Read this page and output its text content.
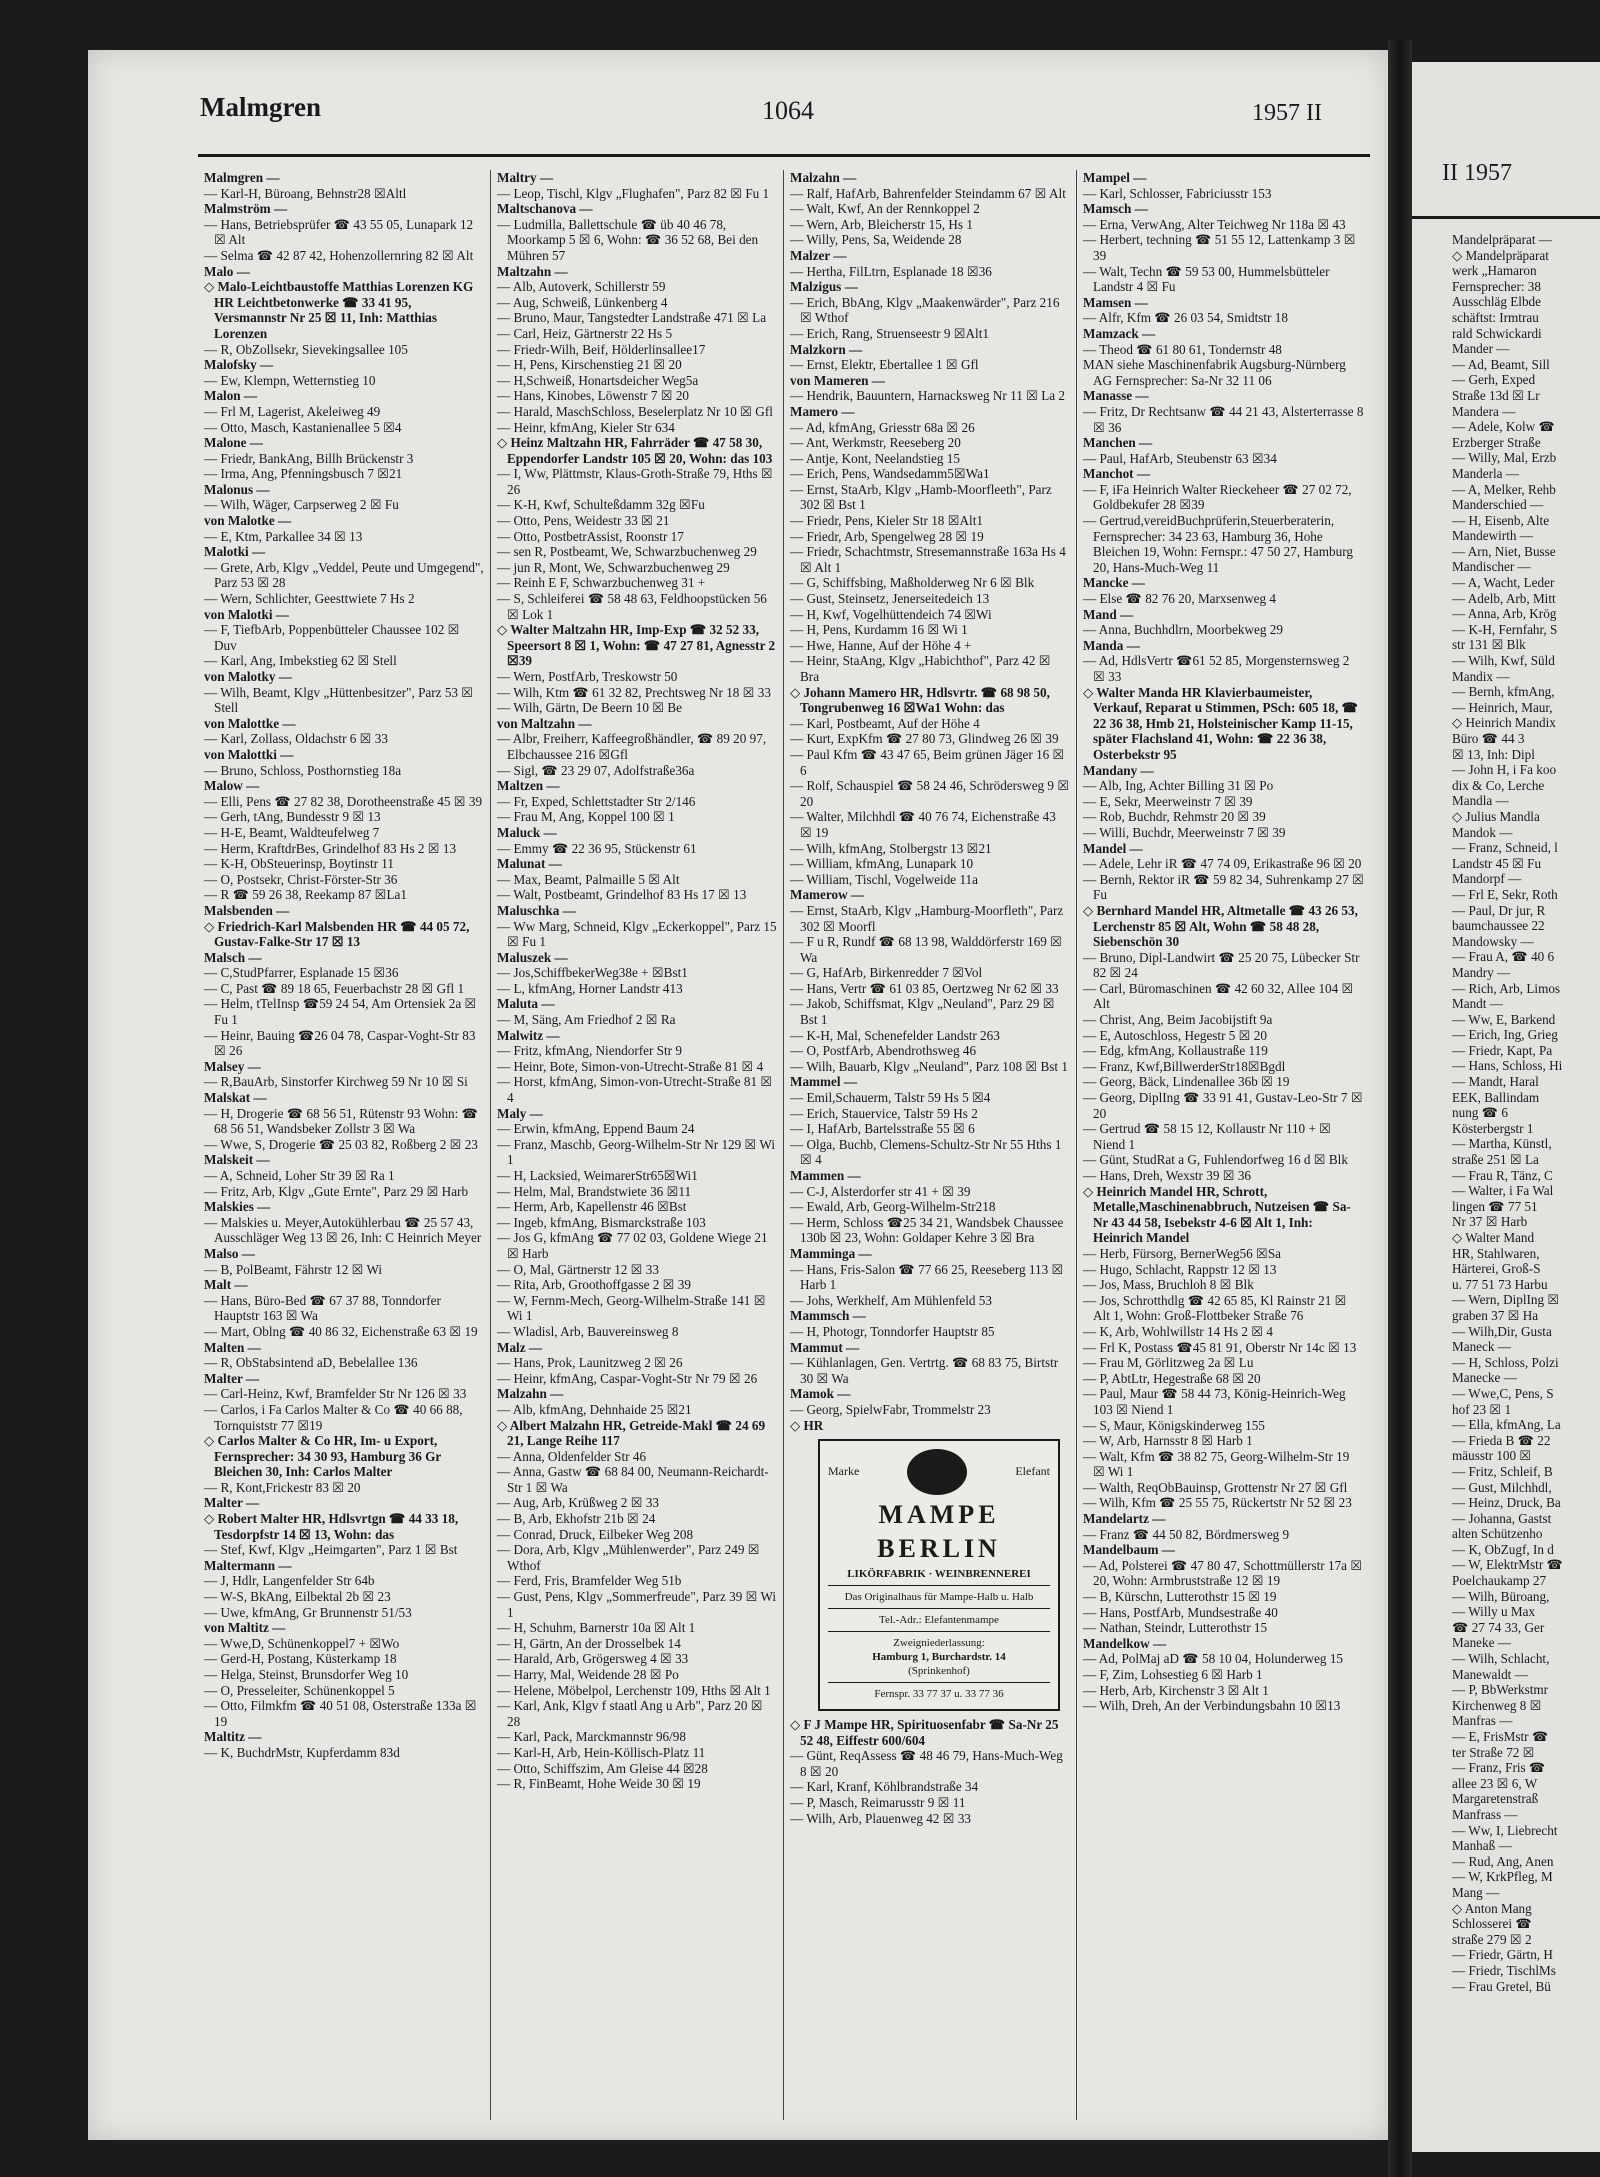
Malmgren	1064	1957 II
Malmgren —
— Karl-H, Büroang, Behnstr28 ☒Altl
Malmström —
— Hans, Betriebsprüfer ☎ 43 55 05, Lunapark 12 ☒ Alt
— Selma ☎ 42 87 42, Hohenzollernring 82 ☒ Alt
Malo —
◇ Malo-Leichtbaustoffe Matthias Lorenzen KG HR Leichtbetonwerke ☎ 33 41 95, Versmannstr Nr 25 ☒ 11, Inh: Matthias Lorenzen
— R, ObZollsekr, Sievekingsallee 105
Malofsky —
— Ew, Klempn, Wetternstieg 10
Malon —
— Frl M, Lagerist, Akeleiweg 49
— Otto, Masch, Kastanienallee 5 ☒4
Malone —
— Friedr, BankAng, Billh Brückenstr 3
— Irma, Ang, Pfenningsbusch 7 ☒21
Malonus —
— Wilh, Wäger, Carpserweg 2 ☒ Fu
von Malotke —
— E, Ktm, Parkallee 34 ☒ 13
Malotki —
— Grete, Arb, Klgv „Veddel, Peute und Umgegend", Parz 53 ☒ 28
— Wern, Schlichter, Geesttwiete 7 Hs 2
von Malotki —
— F, TiefbArb, Poppenbütteler Chaussee 102 ☒ Duv
— Karl, Ang, Imbekstieg 62 ☒ Stell
von Malotky —
— Wilh, Beamt, Klgv „Hüttenbesitzer", Parz 53 ☒ Stell
von Malottke —
— Karl, Zollass, Oldachstr 6 ☒ 33
von Malottki —
— Bruno, Schloss, Posthornstieg 18a
Malow —
— Elli, Pens ☎ 27 82 38, Dorotheenstraße 45 ☒ 39
— Gerh, tAng, Bundesstr 9 ☒ 13
— H-E, Beamt, Waldteufelweg 7
— Herm, KraftdrBes, Grindelhof 83 Hs 2 ☒ 13
— K-H, ObSteuerinsp, Boytinstr 11
— O, Postsekr, Christ-Förster-Str 36
— R ☎ 59 26 38, Reekamp 87 ☒La1
Malsbenden —
◇ Friedrich-Karl Malsbenden HR ☎ 44 05 72, Gustav-Falke-Str 17 ☒ 13
Malsch —
— C,StudPfarrer, Esplanade 15 ☒36
— C, Past ☎ 89 18 65, Feuerbachstr 28 ☒ Gfl 1
— Helm, tTelInsp ☎59 24 54, Am Ortensiek 2a ☒ Fu 1
— Heinr, Bauing ☎26 04 78, Caspar-Voght-Str 83 ☒ 26
Malsey —
— R,BauArb, Sinstorfer Kirchweg 59 Nr 10 ☒ Si
Malskat —
— H, Drogerie ☎ 68 56 51, Rütenstr 93 Wohn: ☎ 68 56 51, Wandsbeker Zollstr 3 ☒ Wa
— Wwe, S, Drogerie ☎ 25 03 82, Roßberg 2 ☒ 23
Malskeit —
— A, Schneid, Loher Str 39 ☒ Ra 1
— Fritz, Arb, Klgv „Gute Ernte", Parz 29 ☒ Harb
Malskies —
— Malskies u. Meyer,Autokühlerbau ☎ 25 57 43, Ausschläger Weg 13 ☒ 26, Inh: C Heinrich Meyer
Malso —
— B, PolBeamt, Fährstr 12 ☒ Wi
Malt —
— Hans, Büro-Bed ☎ 67 37 88, Tonndorfer Hauptstr 163 ☒ Wa
— Mart, Oblng ☎ 40 86 32, Eichenstraße 63 ☒ 19
Malten —
— R, ObStabsintend aD, Bebelallee 136
Malter —
— Carl-Heinz, Kwf, Bramfelder Str Nr 126 ☒ 33
— Carlos, i Fa Carlos Malter & Co ☎ 40 66 88, Tornquiststr 77 ☒19
◇ Carlos Malter & Co HR, Im- u Export, Fernsprecher: 34 30 93, Hamburg 36 Gr Bleichen 30, Inh: Carlos Malter
— R, Kont,Frickestr 83 ☒ 20
Malter —
◇ Robert Malter HR, Hdlsvrtgn ☎ 44 33 18, Tesdorpfstr 14 ☒ 13, Wohn: das
— Stef, Kwf, Klgv „Heimgarten", Parz 1 ☒ Bst
Maltermann —
— J, Hdlr, Langenfelder Str 64b
— W-S, BkAng, Eilbektal 2b ☒ 23
— Uwe, kfmAng, Gr Brunnenstr 51/53
von Maltitz —
— Wwe,D, Schünenkoppel7 + ☒Wo
— Gerd-H, Postang, Küsterkamp 18
— Helga, Steinst, Brunsdorfer Weg 10
— O, Presseleiter, Schünenkoppel 5
— Otto, Filmkfm ☎ 40 51 08, Osterstraße 133a ☒ 19
Maltitz —
— K, BuchdrMstr, Kupferdamm 83d
Maltry —
— Leop, Tischl, Klgv „Flughafen", Parz 82 ☒ Fu 1
Maltschanova —
— Ludmilla, Ballettschule ☎ üb 40 46 78, Moorkamp 5 ☒ 6, Wohn: ☎ 36 52 68, Bei den Mühren 57
Maltzahn —
— Alb, Autoverk, Schillerstr 59
— Aug, Schweiß, Lünkenberg 4
— Bruno, Maur, Tangstedter Landstraße 471 ☒ La
— Carl, Heiz, Gärtnerstr 22 Hs 5
— Friedr-Wilh, Beif, Hölderlinsallee17
— H, Pens, Kirschenstieg 21 ☒ 20
— H,Schweiß, Honartsdeicher Weg5a
— Hans, Kinobes, Löwenstr 7 ☒ 20
— Harald, MaschSchloss, Beselerplatz Nr 10 ☒ Gfl
— Heinr, kfmAng, Kieler Str 634
◇ Heinz Maltzahn HR, Fahrräder ☎ 47 58 30, Eppendorfer Landstr 105 ☒ 20, Wohn: das 103
— I, Ww, Plättmstr, Klaus-Groth-Straße 79, Hths ☒ 26
— K-H, Kwf, Schulteßdamm 32g ☒Fu
— Otto, Pens, Weidestr 33 ☒ 21
— Otto, PostbetrAssist, Roonstr 17
— sen R, Postbeamt, We, Schwarzbuchenweg 29
— jun R, Mont, We, Schwarzbuchenweg 29
— Reinh E F, Schwarzbuchenweg 31 +
— S, Schleiferei ☎ 58 48 63, Feldhoopstücken 56 ☒ Lok 1
◇ Walter Maltzahn HR, Imp-Exp ☎ 32 52 33, Speersort 8 ☒ 1, Wohn: ☎ 47 27 81, Agnesstr 2 ☒39
— Wern, PostfArb, Treskowstr 50
— Wilh, Ktm ☎ 61 32 82, Prechtsweg Nr 18 ☒ 33
— Wilh, Gärtn, De Beern 10 ☒ Be
von Maltzahn —
— Albr, Freiherr, Kaffeegroßhändler, ☎ 89 20 97, Elbchaussee 216 ☒Gfl
— Sigl, ☎ 23 29 07, Adolfstraße36a
Maltzen —
— Fr, Exped, Schlettstadter Str 2/146
— Frau M, Ang, Koppel 100 ☒ 1
Maluck —
— Emmy ☎ 22 36 95, Stückenstr 61
Malunat —
— Max, Beamt, Palmaille 5 ☒ Alt
— Walt, Postbeamt, Grindelhof 83 Hs 17 ☒ 13
Maluschka —
— Ww Marg, Schneid, Klgv „Eckerkoppel", Parz 15 ☒ Fu 1
Maluszek —
— Jos,SchiffbekerWeg38e + ☒Bst1
— L, kfmAng, Horner Landstr 413
Maluta —
— M, Säng, Am Friedhof 2 ☒ Ra
Malwitz —
— Fritz, kfmAng, Niendorfer Str 9
— Heinr, Bote, Simon-von-Utrecht-Straße 81 ☒ 4
— Horst, kfmAng, Simon-von-Utrecht-Straße 81 ☒ 4
Maly —
— Erwin, kfmAng, Eppend Baum 24
— Franz, Maschb, Georg-Wilhelm-Str Nr 129 ☒ Wi 1
— H, Lacksied, WeimarerStr65☒Wi1
— Helm, Mal, Brandstwiete 36 ☒11
— Herm, Arb, Kapellenstr 46 ☒Bst
— Ingeb, kfmAng, Bismarckstraße 103
— Jos G, kfmAng ☎ 77 02 03, Goldene Wiege 21 ☒ Harb
— O, Mal, Gärtnerstr 12 ☒ 33
— Rita, Arb, Groothoffgasse 2 ☒ 39
— W, Fernm-Mech, Georg-Wilhelm-Straße 141 ☒ Wi 1
— Wladisl, Arb, Bauvereinsweg 8
Malz —
— Hans, Prok, Launitzweg 2 ☒ 26
— Heinr, kfmAng, Caspar-Voght-Str Nr 79 ☒ 26
Malzahn —
— Alb, kfmAng, Dehnhaide 25 ☒21
◇ Albert Malzahn HR, Getreide-Makl ☎ 24 69 21, Lange Reihe 117
— Anna, Oldenfelder Str 46
— Anna, Gastw ☎ 68 84 00, Neumann-Reichardt-Str 1 ☒ Wa
— Aug, Arb, Krüßweg 2 ☒ 33
— B, Arb, Ekhofstr 21b ☒ 24
— Conrad, Druck, Eilbeker Weg 208
— Dora, Arb, Klgv „Mühlenwerder", Parz 249 ☒ Wthof
— Ferd, Fris, Bramfelder Weg 51b
— Gust, Pens, Klgv „Sommerfreude", Parz 39 ☒ Wi 1
— H, Schuhm, Barnerstr 10a ☒ Alt 1
— H, Gärtn, An der Drosselbek 14
— Harald, Arb, Grögersweg 4 ☒ 33
— Harry, Mal, Weidende 28 ☒ Po
— Helene, Möbelpol, Lerchenstr 109, Hths ☒ Alt 1
— Karl, Ank, Klgv f staatl Ang u Arb", Parz 20 ☒ 28
— Karl, Pack, Marckmannstr 96/98
— Karl-H, Arb, Hein-Köllisch-Platz 11
— Otto, Schiffszim, Am Gleise 44 ☒28
— R, FinBeamt, Hohe Weide 30 ☒ 19
Malzahn —
— Ralf, HafArb, Bahrenfelder Steindamm 67 ☒ Alt
— Walt, Kwf, An der Rennkoppel 2
— Wern, Arb, Bleicherstr 15, Hs 1
— Willy, Pens, Sa, Weidende 28
Malzer —
— Hertha, FilLtrn, Esplanade 18 ☒36
Malzigus —
— Erich, BbAng, Klgv „Maakenwärder", Parz 216 ☒ Wthof
— Erich, Rang, Struenseestr 9 ☒Alt1
Malzkorn —
— Ernst, Elektr, Ebertallee 1 ☒ Gfl
von Mameren —
— Hendrik, Bauuntern, Harnacksweg Nr 11 ☒ La 2
Mamero —
— Ad, kfmAng, Griesstr 68a ☒ 26
— Ant, Werkmstr, Reeseberg 20
— Antje, Kont, Neelandstieg 15
— Erich, Pens, Wandsedamm5☒Wa1
— Ernst, StaArb, Klgv „Hamb-Moorfleeth", Parz 302 ☒ Bst 1
— Friedr, Pens, Kieler Str 18 ☒Alt1
— Friedr, Arb, Spengelweg 28 ☒ 19
— Friedr, Schachtmstr, Stresemannstraße 163a Hs 4 ☒ Alt 1
— G, Schiffsbing, Maßholderweg Nr 6 ☒ Blk
— Gust, Steinsetz, Jenerseitedeich 13
— H, Kwf, Vogelhüttendeich 74 ☒Wi
— H, Pens, Kurdamm 16 ☒ Wi 1
— Hwe, Hanne, Auf der Höhe 4 +
— Heinr, StaAng, Klgv „Habichthof", Parz 42 ☒ Bra
◇ Johann Mamero HR, Hdlsvrtr. ☎ 68 98 50, Tongrubenweg 16 ☒Wa1 Wohn: das
— Karl, Postbeamt, Auf der Höhe 4
— Kurt, ExpKfm ☎ 27 80 73, Glindweg 26 ☒ 39
— Paul Kfm ☎ 43 47 65, Beim grünen Jäger 16 ☒ 6
— Rolf, Schauspiel ☎ 58 24 46, Schrödersweg 9 ☒ 20
— Walter, Milchhdl ☎ 40 76 74, Eichenstraße 43 ☒ 19
— Wilh, kfmAng, Stolbergstr 13 ☒21
— William, kfmAng, Lunapark 10
— William, Tischl, Vogelweide 11a
Mamerow —
— Ernst, StaArb, Klgv „Hamburg-Moorfleth", Parz 302 ☒ Moorfl
— F u R, Rundf ☎ 68 13 98, Walddörferstr 169 ☒ Wa
— G, HafArb, Birkenredder 7 ☒Vol
— Hans, Vertr ☎ 61 03 85, Oertzweg Nr 62 ☒ 33
— Jakob, Schiffsmat, Klgv „Neuland", Parz 29 ☒ Bst 1
— K-H, Mal, Schenefelder Landstr 263
— O, PostfArb, Abendrothsweg 46
— Wilh, Bauarb, Klgv „Neuland", Parz 108 ☒ Bst 1
Mammel —
— Emil,Schauerm, Talstr 59 Hs 5 ☒4
— Erich, Stauervice, Talstr 59 Hs 2
— I, HafArb, Bartelsstraße 55 ☒ 6
— Olga, Buchb, Clemens-Schultz-Str Nr 55 Hths 1 ☒ 4
Mammen —
— C-J, Alsterdorfer str 41 + ☒ 39
— Ewald, Arb, Georg-Wilhelm-Str218
— Herm, Schloss ☎25 34 21, Wandsbek Chaussee 130b ☒ 23, Wohn: Goldaper Kehre 3 ☒ Bra
Mamminga —
— Hans, Fris-Salon ☎ 77 66 25, Reeseberg 113 ☒ Harb 1
— Johs, Werkhelf, Am Mühlenfeld 53
Mammsch —
— H, Photogr, Tonndorfer Hauptstr 85
Mammut —
— Kühlanlagen, Gen. Vertrtg. ☎ 68 83 75, Birtstr 30 ☒ Wa
Mamok —
— Georg, SpielwFabr, Trommelstr 23
◇ HR
Marke	Elefant
MAMPE
BERLIN
LIKÖRFABRIK · WEINBRENNEREI
Das Originalhaus für Mampe-Halb u. Halb
Tel.-Adr.: Elefantenmampe
Zweigniederlassung:
Hamburg 1, Burchardstr. 14
(Sprinkenhof)
Fernspr. 33 77 37 u. 33 77 36
◇ F J Mampe HR, Spirituosenfabr ☎ Sa-Nr 25 52 48, Eiffestr 600/604
— Günt, ReqAssess ☎ 48 46 79, Hans-Much-Weg 8 ☒ 20
— Karl, Kranf, Köhlbrandstraße 34
— P, Masch, Reimarusstr 9 ☒ 11
— Wilh, Arb, Plauenweg 42 ☒ 33
Mampel —
— Karl, Schlosser, Fabriciusstr 153
Mamsch —
— Erna, VerwAng, Alter Teichweg Nr 118a ☒ 43
— Herbert, techning ☎ 51 55 12, Lattenkamp 3 ☒ 39
— Walt, Techn ☎ 59 53 00, Hummelsbütteler Landstr 4 ☒ Fu
Mamsen —
— Alfr, Kfm ☎ 26 03 54, Smidtstr 18
Mamzack —
— Theod ☎ 61 80 61, Tondernstr 48
MAN siehe Maschinenfabrik Augsburg-Nürnberg AG Fernsprecher: Sa-Nr 32 11 06
Manasse —
— Fritz, Dr Rechtsanw ☎ 44 21 43, Alsterterrasse 8 ☒ 36
Manchen —
— Paul, HafArb, Steubenstr 63 ☒34
Manchot —
— F, iFa Heinrich Walter Rieckeheer ☎ 27 02 72, Goldbekufer 28 ☒39
— Gertrud,vereidBuchprüferin,Steuerberaterin, Fernsprecher: 34 23 63, Hamburg 36, Hohe Bleichen 19, Wohn: Fernspr.: 47 50 27, Hamburg 20, Hans-Much-Weg 11
Mancke —
— Else ☎ 82 76 20, Marxsenweg 4
Mand —
— Anna, Buchhdlrn, Moorbekweg 29
Manda —
— Ad, HdlsVertr ☎61 52 85, Morgensternsweg 2 ☒ 33
◇ Walter Manda HR Klavierbaumeister, Verkauf, Reparat u Stimmen, PSch: 605 18, ☎ 22 36 38, Hmb 21, Holsteinischer Kamp 11-15, später Flachsland 41, Wohn: ☎ 22 36 38, Osterbekstr 95
Mandany —
— Alb, Ing, Achter Billing 31 ☒ Po
— E, Sekr, Meerweinstr 7 ☒ 39
— Rob, Buchdr, Rehmstr 20 ☒ 39
— Willi, Buchdr, Meerweinstr 7 ☒ 39
Mandel —
— Adele, Lehr iR ☎ 47 74 09, Erikastraße 96 ☒ 20
— Bernh, Rektor iR ☎ 59 82 34, Suhrenkamp 27 ☒ Fu
◇ Bernhard Mandel HR, Altmetalle ☎ 43 26 53, Lerchenstr 85 ☒ Alt, Wohn ☎ 58 48 28, Siebenschön 30
— Bruno, Dipl-Landwirt ☎ 25 20 75, Lübecker Str 82 ☒ 24
— Carl, Büromaschinen ☎ 42 60 32, Allee 104 ☒ Alt
— Christ, Ang, Beim Jacobijstift 9a
— E, Autoschloss, Hegestr 5 ☒ 20
— Edg, kfmAng, Kollaustraße 119
— Franz, Kwf,BillwerderStr18☒Bgdl
— Georg, Bäck, Lindenallee 36b ☒ 19
— Georg, DiplIng ☎ 33 91 41, Gustav-Leo-Str 7 ☒ 20
— Gertrud ☎ 58 15 12, Kollaustr Nr 110 + ☒ Niend 1
— Günt, StudRat a G, Fuhlendorfweg 16 d ☒ Blk
— Hans, Dreh, Wexstr 39 ☒ 36
◇ Heinrich Mandel HR, Schrott, Metalle,Maschinenabbruch, Nutzeisen ☎ Sa-Nr 43 44 58, Isebekstr 4-6 ☒ Alt 1, Inh: Heinrich Mandel
— Herb, Fürsorg, BernerWeg56 ☒Sa
— Hugo, Schlacht, Rappstr 12 ☒ 13
— Jos, Mass, Bruchloh 8 ☒ Blk
— Jos, Schrotthdlg ☎ 42 65 85, Kl Rainstr 21 ☒ Alt 1, Wohn: Groß-Flottbeker Straße 76
— K, Arb, Wohlwillstr 14 Hs 2 ☒ 4
— Frl K, Postass ☎45 81 91, Oberstr Nr 14c ☒ 13
— Frau M, Görlitzweg 2a ☒ Lu
— P, AbtLtr, Hegestraße 68 ☒ 20
— Paul, Maur ☎ 58 44 73, König-Heinrich-Weg 103 ☒ Niend 1
— S, Maur, Königskinderweg 155
— W, Arb, Harnsstr 8 ☒ Harb 1
— Walt, Kfm ☎ 38 82 75, Georg-Wilhelm-Str 19 ☒ Wi 1
— Walth, ReqObBauinsp, Grottenstr Nr 27 ☒ Gfl
— Wilh, Kfm ☎ 25 55 75, Rückertstr Nr 52 ☒ 23
Mandelartz —
— Franz ☎ 44 50 82, Bördmersweg 9
Mandelbaum —
— Ad, Polsterei ☎ 47 80 47, Schottmüllerstr 17a ☒ 20, Wohn: Armbruststraße 12 ☒ 19
— B, Kürschn, Lutterothstr 15 ☒ 19
— Hans, PostfArb, Mundsestraße 40
— Nathan, Steindr, Lutterothstr 15
Mandelkow —
— Ad, PolMaj aD ☎ 58 10 04, Holunderweg 15
— F, Zim, Lohsestieg 6 ☒ Harb 1
— Herb, Arb, Kirchenstr 3 ☒ Alt 1
— Wilh, Dreh, An der Verbindungsbahn 10 ☒13
II 1957
Mandelpräparat —
◇ Mandelpräparat
werk „Hamaron
Fernsprecher: 38
Ausschläg Elbde
schäftst: Irmtrau
rald Schwickardi
Mander —
— Ad, Beamt, Sill
— Gerh, Exped
Straße 13d ☒ Lr
Mandera —
— Adele, Kolw ☎
Erzberger Straße
— Willy, Mal, Erzb
Manderla —
— A, Melker, Rehb
Manderschied —
— H, Eisenb, Alte
Mandewirth —
— Arn, Niet, Busse
Mandischer —
— A, Wacht, Leder
— Adelb, Arb, Mitt
— Anna, Arb, Krög
— K-H, Fernfahr, S
str 131 ☒ Blk
— Wilh, Kwf, Süld
Mandix —
— Bernh, kfmAng,
— Heinrich, Maur,
◇ Heinrich Mandix
Büro ☎ 44 3
☒ 13, Inh: Dipl
— John H, i Fa koo
dix & Co, Lerche
Mandla —
◇ Julius Mandla
Mandok —
— Franz, Schneid, l
Landstr 45 ☒ Fu
Mandorpf —
— Frl E, Sekr, Roth
— Paul, Dr jur, R
baumchaussee 22
Mandowsky —
— Frau A, ☎ 40 6
Mandry —
— Rich, Arb, Limos
Mandt —
— Ww, E, Barkend
— Erich, Ing, Grieg
— Friedr, Kapt, Pa
— Hans, Schloss, Hi
— Mandt, Haral
EEK, Ballindam
nung ☎ 6
Kösterbergstr 1
— Martha, Künstl,
straße 251 ☒ La
— Frau R, Tänz, C
— Walter, i Fa Wal
lingen ☎ 77 51
Nr 37 ☒ Harb
◇ Walter Mand
HR, Stahlwaren,
Härterei, Groß-S
u. 77 51 73 Harbu
— Wern, DiplIng ☒
graben 37 ☒ Ha
— Wilh,Dir, Gusta
Maneck —
— H, Schloss, Polzi
Manecke —
— Wwe,C, Pens, S
hof 23 ☒ 1
— Ella, kfmAng, La
— Frieda B ☎ 22
mäusstr 100 ☒
— Fritz, Schleif, B
— Gust, Milchhdl,
— Heinz, Druck, Ba
— Johanna, Gastst
alten Schützenho
— K, ObZugf, In d
— W, ElektrMstr ☎
Poelchaukamp 27
— Wilh, Büroang,
— Willy u Max
☎ 27 74 33, Ger
Maneke —
— Wilh, Schlacht,
Manewaldt —
— P, BbWerkstmr
Kirchenweg 8 ☒
Manfras —
— E, FrisMstr ☎
ter Straße 72 ☒
— Franz, Fris ☎
allee 23 ☒ 6, W
Margaretenstraß
Manfrass —
— Ww, I, Liebrecht
Manhaß —
— Rud, Ang, Anen
— W, KrkPfleg, M
Mang —
◇ Anton Mang
Schlosserei ☎
straße 279 ☒ 2
— Friedr, Gärtn, H
— Friedr, TischlMs
— Frau Gretel, Bü
